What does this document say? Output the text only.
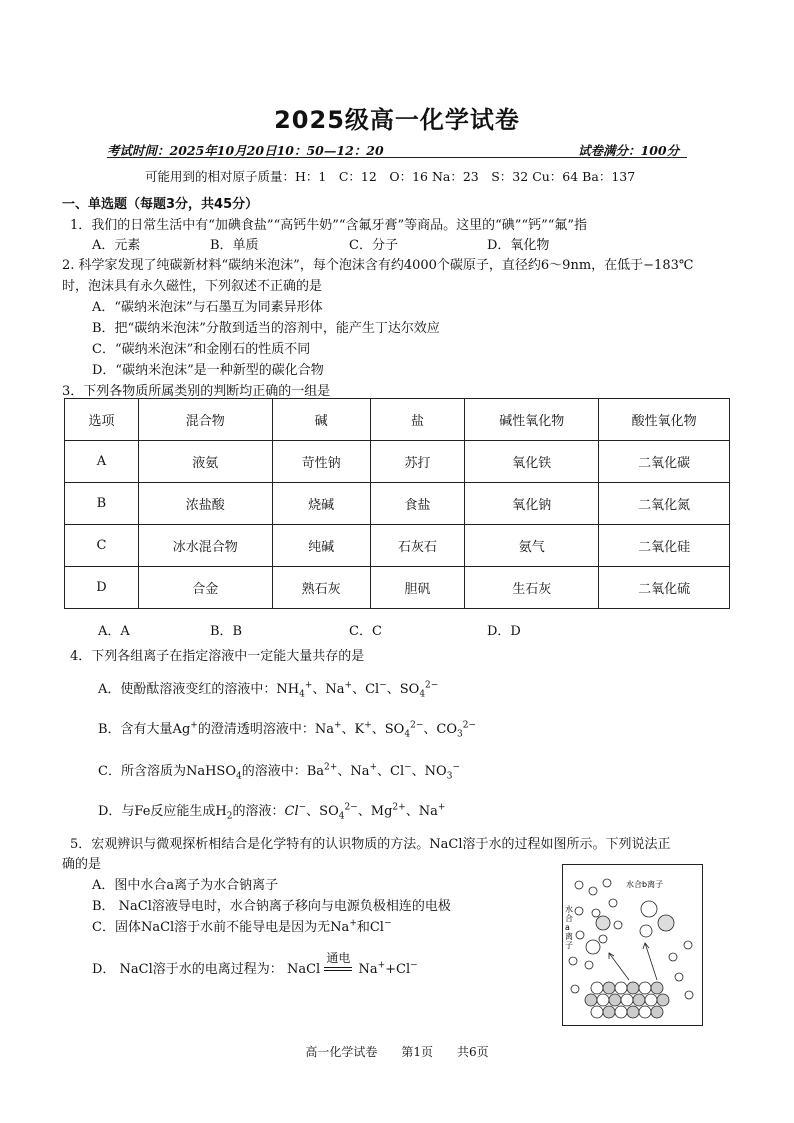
2025级高一化学试卷
考试时间：2025年10月20日10：50—12：20	试卷满分：100分
可能用到的相对原子质量：H：1　C：12　O：16 Na：23　S：32 Cu：64 Ba：137
一、单选题（每题3分，共45分）
1．我们的日常生活中有“加碘食盐”“高钙牛奶”“含氟牙膏”等商品。这里的“碘”“钙”“氟”指
A．元素	B．单质	C．分子	D．氧化物
2. 科学家发现了纯碳新材料“碳纳米泡沫”，每个泡沫含有约4000个碳原子，直径约6～9nm，在低于−183℃
时，泡沫具有永久磁性，下列叙述不正确的是
A．“碳纳米泡沫”与石墨互为同素异形体
B．把“碳纳米泡沫”分散到适当的溶剂中，能产生丁达尔效应
C．“碳纳米泡沫”和金刚石的性质不同
D．“碳纳米泡沫”是一种新型的碳化合物
3．下列各物质所属类别的判断均正确的一组是
选项	混合物	碱	盐	碱性氧化物	酸性氧化物
A	液氨	苛性钠	苏打	氧化铁	二氧化碳
B	浓盐酸	烧碱	食盐	氧化钠	二氧化氮
C	冰水混合物	纯碱	石灰石	氨气	二氧化硅
D	合金	熟石灰	胆矾	生石灰	二氧化硫
A．A	B．B	C．C	D．D
4．下列各组离子在指定溶液中一定能大量共存的是
A．使酚酞溶液变红的溶液中：$NH_4^+$、Na+、Cl−、$SO_4^{2-}$
B．含有大量Ag+的澄清透明溶液中：Na+、K+、$SO_4^{2-}$、$CO_3^{2-}$
C．所含溶质为NaHSO$_4$的溶液中：$Ba^{2+}$、Na+、Cl−、$NO_3^-$
D．与Fe反应能生成$H_2$的溶液：Cl−、$SO_4^{2-}$、$Mg^{2+}$、Na+
5．宏观辨识与微观探析相结合是化学特有的认识物质的方法。NaCl溶于水的过程如图所示。下列说法正
确的是
A．图中水合a离子为水合钠离子
B． NaCl溶液导电时，水合钠离子移向与电源负极相连的电极
C．固体NaCl溶于水前不能导电是因为无Na+和Cl−
D． NaCl溶于水的电离过程为： NaCl
通电
Na++Cl−
水合b离子
水
合
a
离
子
高一化学试卷　　第1页　　共6页
